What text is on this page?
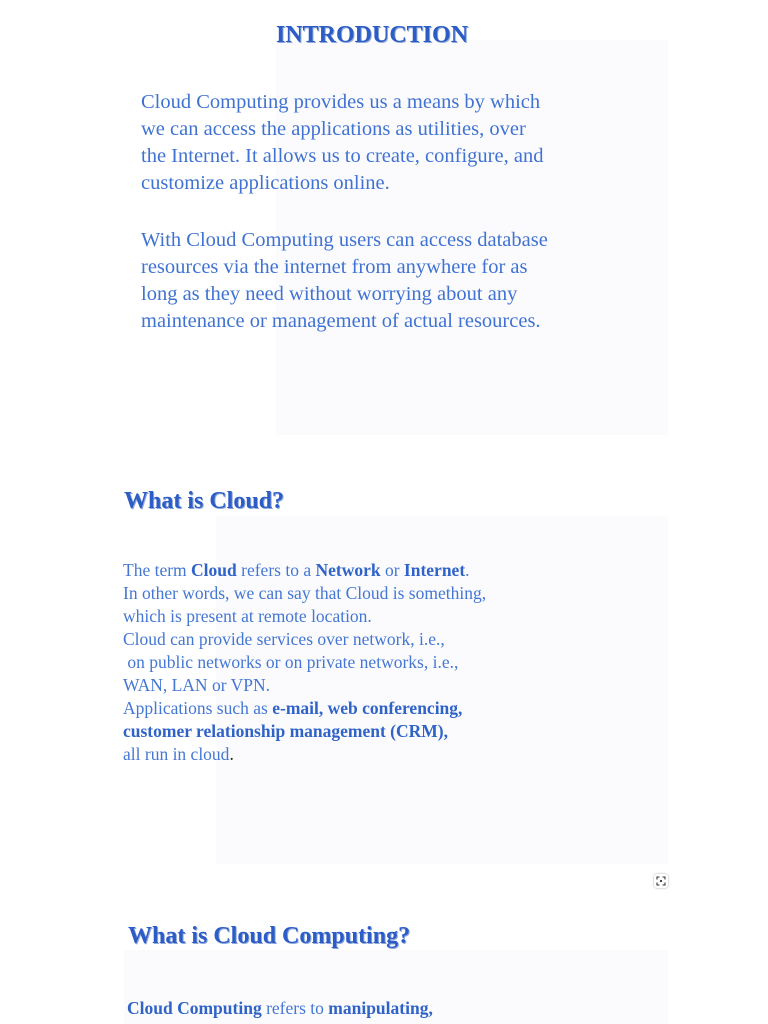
INTRODUCTION
Cloud Computing provides us a means by which
we can access the applications as utilities, over
the Internet. It allows us to create, configure, and
customize applications online.
With Cloud Computing users can access database
resources via the internet from anywhere for as
long as they need without worrying about any
maintenance or management of actual resources.
What is Cloud?
The term Cloud refers to a Network or Internet.
In other words, we can say that Cloud is something,
which is present at remote location.
Cloud can provide services over network, i.e.,
on public networks or on private networks, i.e.,
WAN, LAN or VPN.
Applications such as e-mail, web conferencing,
customer relationship management (CRM),
all run in cloud.
What is Cloud Computing?
Cloud Computing refers to manipulating,
